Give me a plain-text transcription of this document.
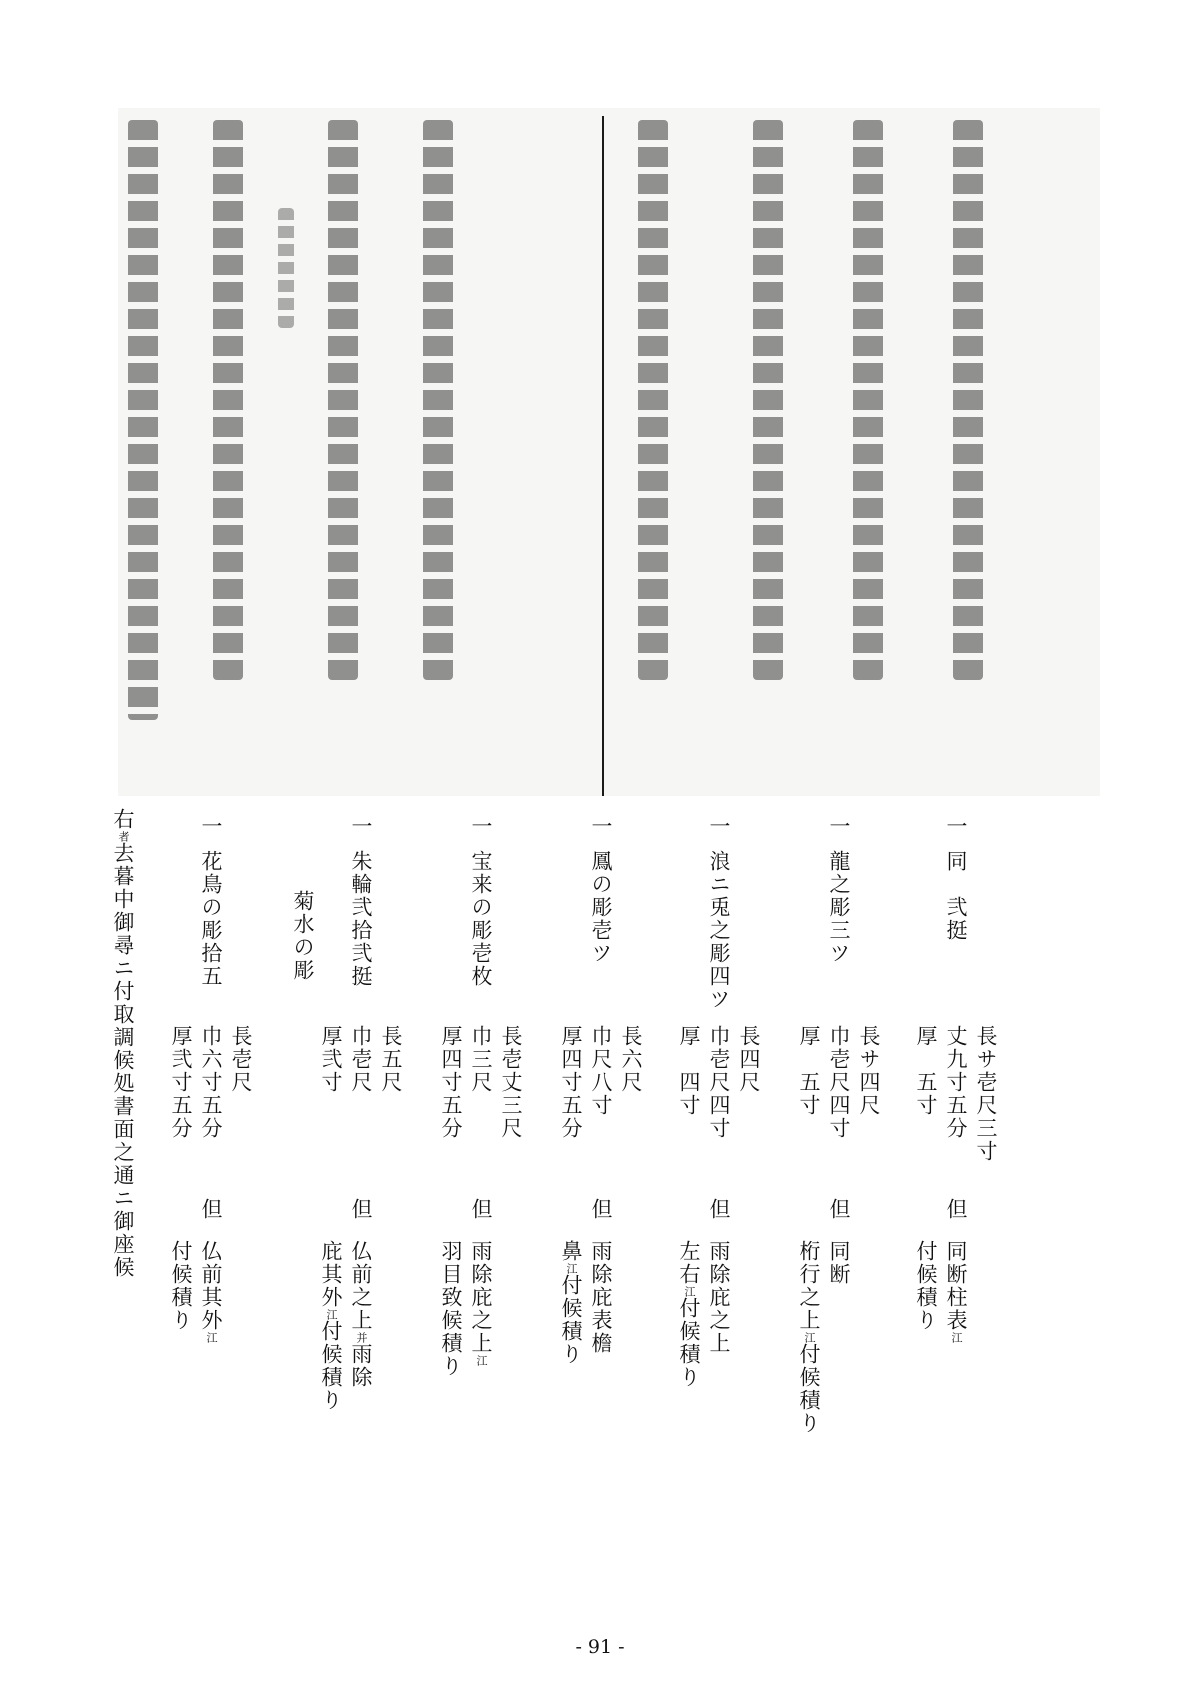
一
同　弐挺
長サ壱尺三寸
丈九寸五分
厚　五寸
但
同断柱表江
付候積り
一
龍之彫三ツ
長サ四尺
巾壱尺四寸
厚　五寸
但
同断
桁行之上江付候積り
一
浪ニ兎之彫四ツ
長四尺
巾壱尺四寸
厚　四寸
但
雨除庇之上
左右江付候積り
一
鳳の彫壱ツ
長六尺
巾尺八寸
厚四寸五分
但
雨除庇表檐
鼻江付候積り
一
宝来の彫壱枚
長壱丈三尺
巾三尺
厚四寸五分
但
雨除庇之上江
羽目致候積り
一
朱輪弐拾弐挺
菊水の彫
長五尺
巾壱尺
厚弐寸
但
仏前之上并雨除
庇其外江付候積り
一
花鳥の彫拾五
長壱尺
巾六寸五分
厚弐寸五分
但
仏前其外江
付候積り
右者去暮中御尋ニ付取調候処書面之通ニ御座候
- 91 -
